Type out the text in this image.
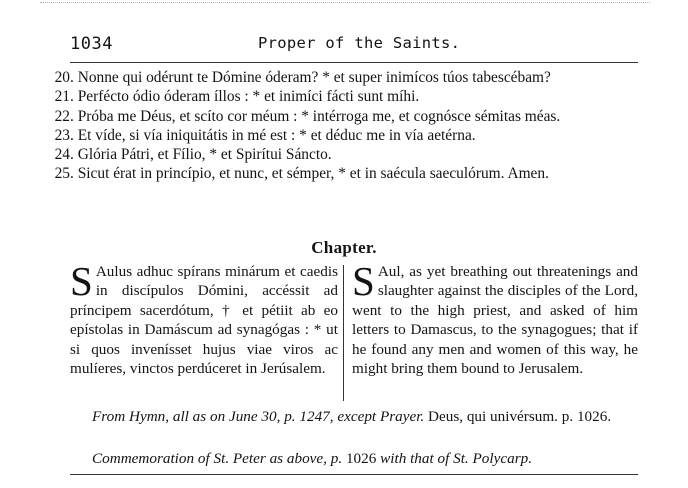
1034	Proper of the Saints.

20. Nonne qui odérunt te Dómine óderam? * et super inimícos túos tabescébam?

21. Perfécto ódio óderam íllos : * et inimíci fácti sunt míhi.

22. Próba me Déus, et scíto cor méum : * intérroga me, et cognósce sémitas méas.

23. Et víde, si vía iniquitátis in mé est : * et déduc me in vía aetérna.

24. Glória Pátri, et Fílio, * et Spirítui Sáncto.

25. Sicut érat in princípio, et nunc, et sémper, * et in saécula saeculórum. Amen.

Chapter.

S Aulus adhuc spírans minárum et caedis in discípulos Dómini, accéssit ad príncipem sacerdótum, † et pétiit ab eo epístolas in Damáscum ad synagógas : * ut si quos invenísset hujus viae viros ac mulíeres, vinctos perdúceret in Jerúsalem.

S Aul, as yet breathing out threatenings and slaughter against the disciples of the Lord, went to the high priest, and asked of him letters to Damascus, to the synagogues; that if he found any men and women of this way, he might bring them bound to Jerusalem.

From Hymn, all as on June 30, p. 1247, except Prayer. Deus, qui univérsum. p. 1026.

Commemoration of St. Peter as above, p. 1026 with that of St. Polycarp.
